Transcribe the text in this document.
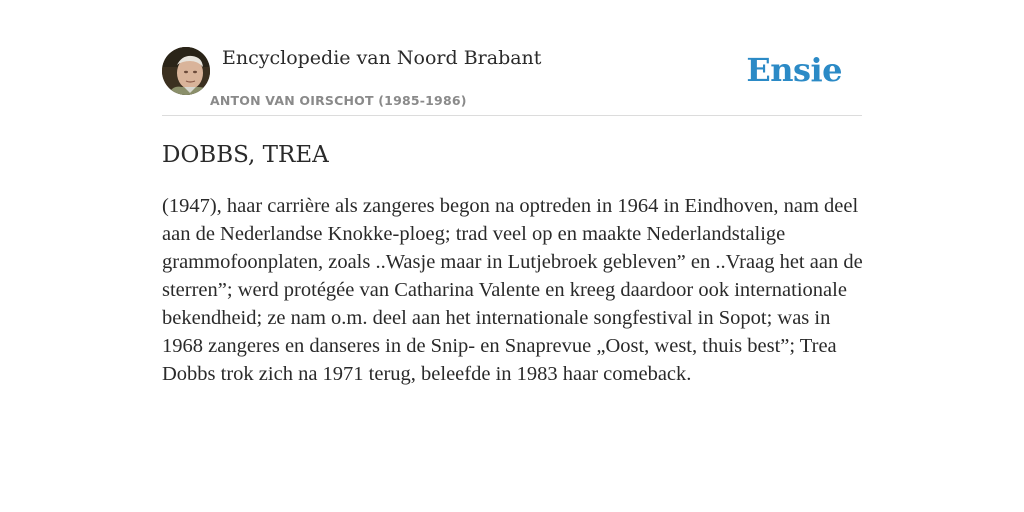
Encyclopedie van Noord Brabant
ANTON VAN OIRSCHOT (1985-1986)
Ensie
DOBBS, TREA

(1947), haar carrière als zangeres begon na optreden in 1964 in Eindhoven, nam deel aan de Nederlandse Knokke-ploeg; trad veel op en maakte Nederlandstalige grammofoonplaten, zoals ..Wasje maar in Lutjebroek gebleven” en ..Vraag het aan de sterren”; werd protégée van Catharina Valente en kreeg daardoor ook internationale bekendheid; ze nam o.m. deel aan het internationale songfestival in Sopot; was in 1968 zangeres en danseres in de Snip- en Snaprevue „Oost, west, thuis best”; Trea Dobbs trok zich na 1971 terug, beleefde in 1983 haar comeback.
